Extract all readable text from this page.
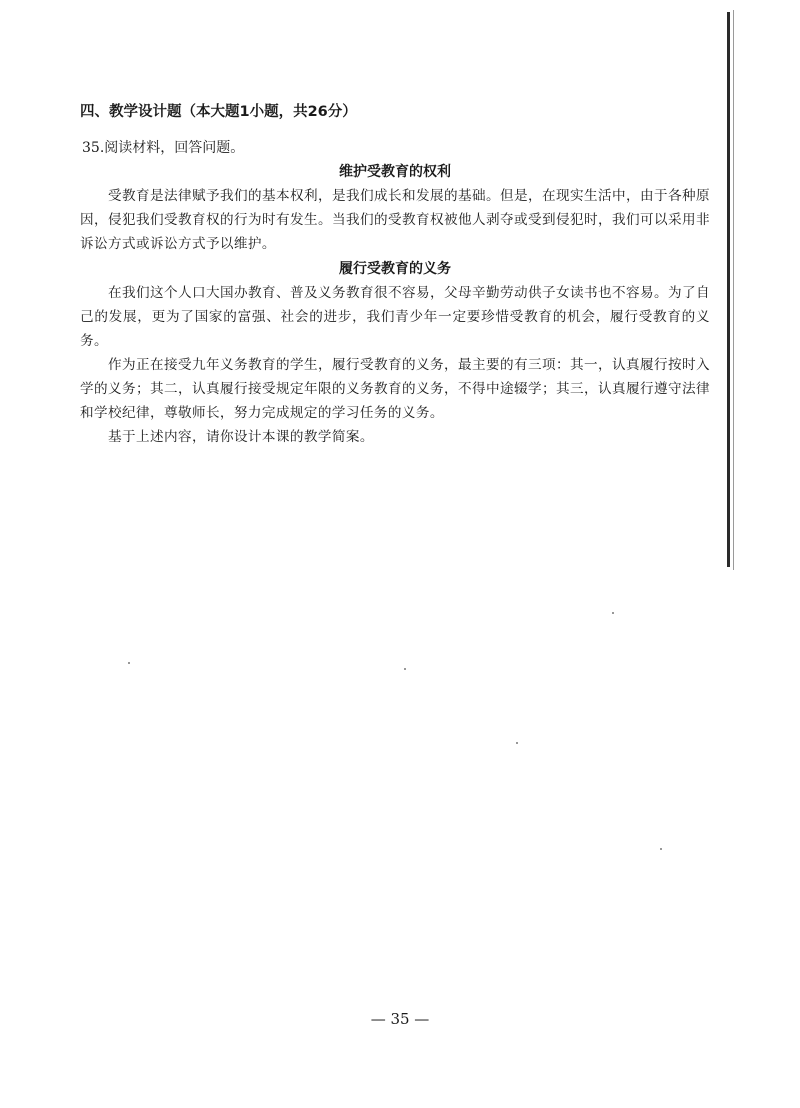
四、教学设计题（本大题1小题，共26分）
35.阅读材料，回答问题。
维护受教育的权利

受教育是法律赋予我们的基本权利，是我们成长和发展的基础。但是，在现实生活中，由于各种原因，侵犯我们受教育权的行为时有发生。当我们的受教育权被他人剥夺或受到侵犯时，我们可以采用非诉讼方式或诉讼方式予以维护。

履行受教育的义务

在我们这个人口大国办教育、普及义务教育很不容易，父母辛勤劳动供子女读书也不容易。为了自己的发展，更为了国家的富强、社会的进步，我们青少年一定要珍惜受教育的机会，履行受教育的义务。

作为正在接受九年义务教育的学生，履行受教育的义务，最主要的有三项：其一，认真履行按时入学的义务；其二，认真履行接受规定年限的义务教育的义务，不得中途辍学；其三，认真履行遵守法律和学校纪律，尊敬师长，努力完成规定的学习任务的义务。

基于上述内容，请你设计本课的教学简案。

— 35 —
